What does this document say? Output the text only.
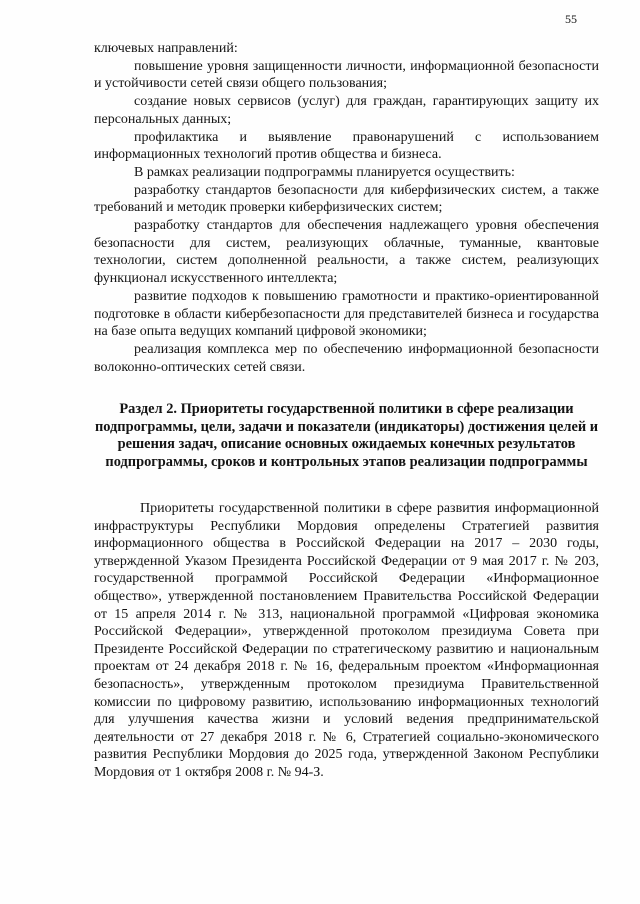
55

ключевых направлений:

повышение уровня защищенности личности, информационной безопасности и устойчивости сетей связи общего пользования;

создание новых сервисов (услуг) для граждан, гарантирующих защиту их персональных данных;

профилактика и выявление правонарушений с использованием информационных технологий против общества и бизнеса.

В рамках реализации подпрограммы планируется осуществить:

разработку стандартов безопасности для киберфизических систем, а также требований и методик проверки киберфизических систем;

разработку стандартов для обеспечения надлежащего уровня обеспечения безопасности для систем, реализующих облачные, туманные, квантовые технологии, систем дополненной реальности, а также систем, реализующих функционал искусственного интеллекта;

развитие подходов к повышению грамотности и практико-ориентированной подготовке в области кибербезопасности для представителей бизнеса и государства на базе опыта ведущих компаний цифровой экономики;

реализация комплекса мер по обеспечению информационной безопасности волоконно-оптических сетей связи.

Раздел 2. Приоритеты государственной политики в сфере реализации подпрограммы, цели, задачи и показатели (индикаторы) достижения целей и решения задач, описание основных ожидаемых конечных результатов подпрограммы, сроков и контрольных этапов реализации подпрограммы

Приоритеты государственной политики в сфере развития информационной инфраструктуры Республики Мордовия определены Стратегией развития информационного общества в Российской Федерации на 2017 – 2030 годы, утвержденной Указом Президента Российской Федерации от 9 мая 2017 г. № 203, государственной программой Российской Федерации «Информационное общество», утвержденной постановлением Правительства Российской Федерации от 15 апреля 2014 г. № 313, национальной программой «Цифровая экономика Российской Федерации», утвержденной протоколом президиума Совета при Президенте Российской Федерации по стратегическому развитию и национальным проектам от 24 декабря 2018 г. № 16, федеральным проектом «Информационная безопасность», утвержденным протоколом президиума Правительственной комиссии по цифровому развитию, использованию информационных технологий для улучшения качества жизни и условий ведения предпринимательской деятельности от 27 декабря 2018 г. № 6, Стратегией социально-экономического развития Республики Мордовия до 2025 года, утвержденной Законом Республики Мордовия от 1 октября 2008 г. № 94-З.
